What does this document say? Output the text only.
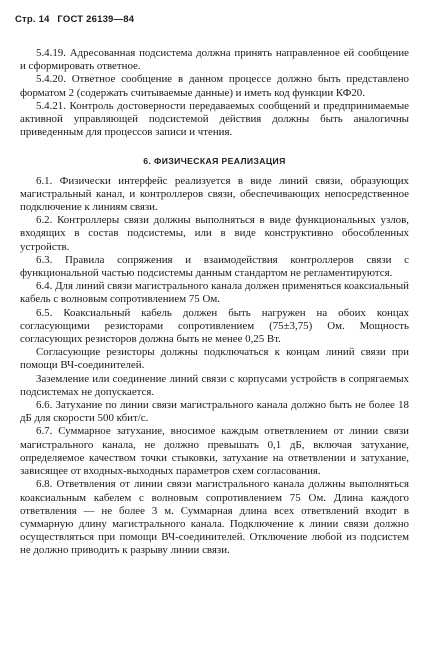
Стр. 14 ГОСТ 26139—84

5.4.19. Адресованная подсистема должна принять направленное ей сообщение и сформировать ответное.

5.4.20. Ответное сообщение в данном процессе должно быть представлено форматом 2 (содержать считываемые данные) и иметь код функции КФ20.

5.4.21. Контроль достоверности передаваемых сообщений и предпринимаемые активной управляющей подсистемой действия должны быть аналогичны приведенным для процессов записи и чтения.

6. ФИЗИЧЕСКАЯ РЕАЛИЗАЦИЯ

6.1. Физически интерфейс реализуется в виде линий связи, образующих магистральный канал, и контроллеров связи, обеспечивающих непосредственное подключение к линиям связи.

6.2. Контроллеры связи должны выполняться в виде функциональных узлов, входящих в состав подсистемы, или в виде конструктивно обособленных устройств.

6.3. Правила сопряжения и взаимодействия контроллеров связи с функциональной частью подсистемы данным стандартом не регламентируются.

6.4. Для линий связи магистрального канала должен применяться коаксиальный кабель с волновым сопротивлением 75 Ом.

6.5. Коаксиальный кабель должен быть нагружен на обоих концах согласующими резисторами сопротивлением (75±3,75) Ом. Мощность согласующих резисторов должна быть не менее 0,25 Вт.

Согласующие резисторы должны подключаться к концам линий связи при помощи ВЧ-соединителей.

Заземление или соединение линий связи с корпусами устройств в сопрягаемых подсистемах не допускается.

6.6. Затухание по линии связи магистрального канала должно быть не более 18 дБ для скорости 500 кбит/с.

6.7. Суммарное затухание, вносимое каждым ответвлением от линии связи магистрального канала, не должно превышать 0,1 дБ, включая затухание, определяемое качеством точки стыковки, затухание на ответвлении и затухание, зависящее от входных-выходных параметров схем согласования.

6.8. Ответвления от линии связи магистрального канала должны выполняться коаксиальным кабелем с волновым сопротивлением 75 Ом. Длина каждого ответвления — не более 3 м. Суммарная длина всех ответвлений входит в суммарную длину магистрального канала. Подключение к линии связи должно осуществляться при помощи ВЧ-соединителей. Отключение любой из подсистем не должно приводить к разрыву линии связи.
